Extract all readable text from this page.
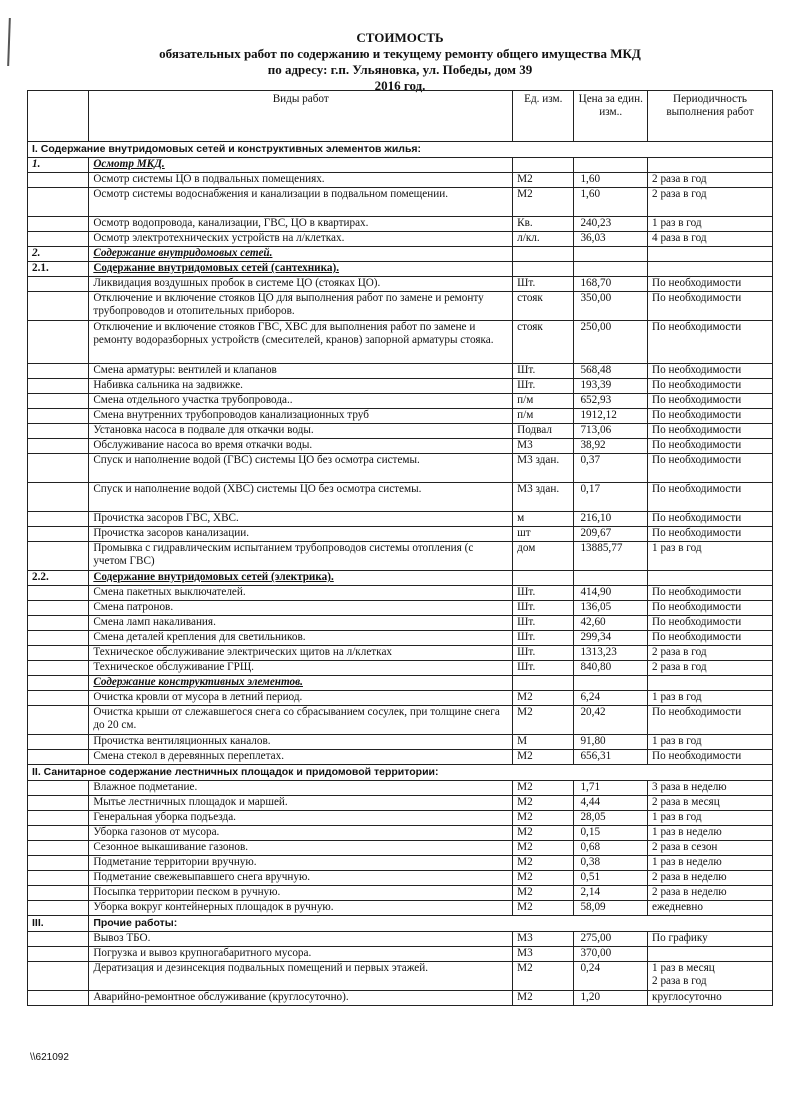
СТОИМОСТЬ
обязательных работ по содержанию и текущему ремонту общего имущества МКД
по адресу: г.п. Ульяновка, ул. Победы, дом 39
2016 год.
	Виды работ	Ед. изм.	Цена за един. изм..	Периодичность выполнения работ
I. Содержание внутридомовых сетей и конструктивных элементов жилья:				
1.	Осмотр МКД.			
	Осмотр системы ЦО в подвальных помещениях.	М2	1,60	2 раза в год
	Осмотр системы водоснабжения и канализации в подвальном помещении.	М2	1,60	2 раза в год
	Осмотр водопровода, канализации, ГВС, ЦО в квартирах.	Кв.	240,23	1 раз в год
	Осмотр электротехнических устройств на л/клетках.	л/кл.	36,03	4 раза в год
2.	Содержание внутридомовых сетей.			
2.1.	Содержание внутридомовых сетей (сантехника).			
	Ликвидация воздушных пробок в системе ЦО (стояках ЦО).	Шт.	168,70	По необходимости
	Отключение и включение стояков ЦО для выполнения работ по замене и ремонту трубопроводов и отопительных приборов.	стояк	350,00	По необходимости
	Отключение и включение стояков ГВС, ХВС для выполнения работ по замене и ремонту водоразборных устройств (смесителей, кранов) запорной арматуры стояка.	стояк	250,00	По необходимости
	Смена арматуры: вентилей и клапанов	Шт.	568,48	По необходимости
	Набивка сальника на задвижке.	Шт.	193,39	По необходимости
	Смена отдельного участка трубопровода..	п/м	652,93	По необходимости
	Смена внутренних трубопроводов канализационных труб	п/м	1912,12	По необходимости
	Установка насоса в подвале для откачки воды.	Подвал	713,06	По необходимости
	Обслуживание насоса во время откачки воды.	М3	38,92	По необходимости
	Спуск и наполнение водой (ГВС) системы ЦО без осмотра системы.	М3 здан.	0,37	По необходимости
	Спуск и наполнение водой (ХВС) системы ЦО без осмотра системы.	М3 здан.	0,17	По необходимости
	Прочистка засоров ГВС, ХВС.	м	216,10	По необходимости
	Прочистка засоров канализации.	шт	209,67	По необходимости
	Промывка с гидравлическим испытанием трубопроводов системы отопления (с учетом ГВС)	дом	13885,77	1 раз в год
2.2.	Содержание внутридомовых сетей (электрика).			
	Смена пакетных выключателей.	Шт.	414,90	По необходимости
	Смена патронов.	Шт.	136,05	По необходимости
	Смена ламп накаливания.	Шт.	42,60	По необходимости
	Смена деталей крепления для светильников.	Шт.	299,34	По необходимости
	Техническое обслуживание электрических щитов на л/клетках	Шт.	1313,23	2 раза в год
	Техническое обслуживание ГРЩ.	Шт.	840,80	2 раза в год
	Содержание конструктивных элементов.			
	Очистка кровли от мусора в летний период.	М2	6,24	1 раз в год
	Очистка крыши от слежавшегося снега со сбрасыванием сосулек, при толщине снега до 20 см.	М2	20,42	По необходимости
	Прочистка вентиляционных каналов.	М	91,80	1 раз в год
	Смена стекол в деревянных переплетах.	М2	656,31	По необходимости
II. Санитарное содержание лестничных площадок и придомовой территории:				
	Влажное подметание.	М2	1,71	3 раза в неделю
	Мытье лестничных площадок и маршей.	М2	4,44	2 раза в месяц
	Генеральная уборка подъезда.	М2	28,05	1 раз в год
	Уборка газонов от мусора.	М2	0,15	1 раз в неделю
	Сезонное выкашивание газонов.	М2	0,68	2 раза в сезон
	Подметание территории вручную.	М2	0,38	1 раз в неделю
	Подметание свежевыпавшего снега вручную.	М2	0,51	2 раза в неделю
	Посыпка территории песком в ручную.	М2	2,14	2 раза в неделю
	Уборка вокруг контейнерных площадок в ручную.	М2	58,09	ежедневно
III.	Прочие работы:			
	Вывоз ТБО.	М3	275,00	По графику
	Погрузка и вывоз крупногабаритного мусора.	М3	370,00	
	Дератизация и дезинсекция подвальных помещений и первых этажей.	М2	0,24	1 раз в месяц
2 раза в год
	Аварийно-ремонтное обслуживание (круглосуточно).	М2	1,20	круглосуточно
\\621092
